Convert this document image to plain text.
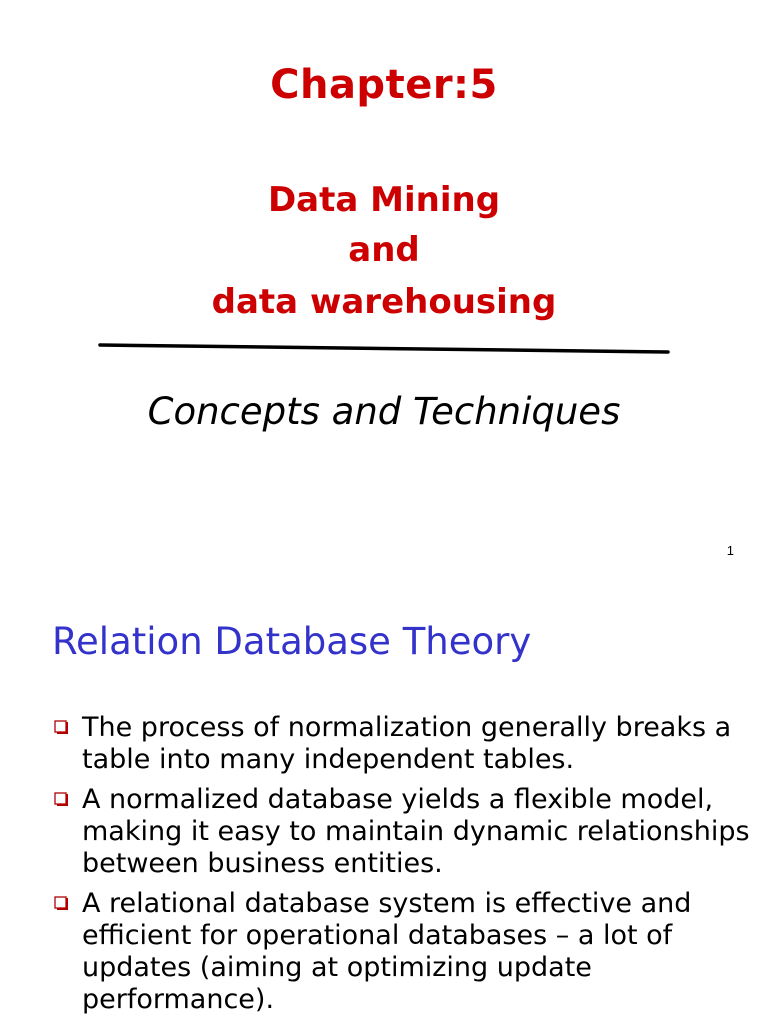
Chapter:5
Data Mining
and
data warehousing
Concepts and Techniques
1
Relation Database Theory
The process of normalization generally breaks a table into many independent tables.
A normalized database yields a flexible model, making it easy to maintain dynamic relationships between business entities.
A relational database system is effective and efficient for operational databases – a lot of updates (aiming at optimizing update performance).
